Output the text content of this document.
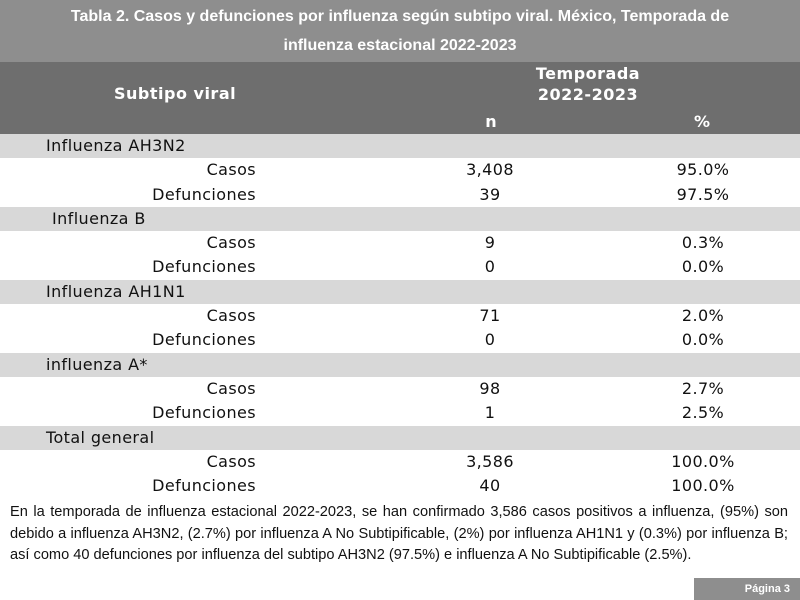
Tabla 2. Casos y defunciones por influenza según subtipo viral. México, Temporada de
influenza estacional 2022-2023
Subtipo viral
Temporada
2022-2023
n	%
Influenza AH3N2
Casos	3,408	95.0%
Defunciones	39	97.5%
Influenza B
Casos	9	0.3%
Defunciones	0	0.0%
Influenza AH1N1
Casos	71	2.0%
Defunciones	0	0.0%
influenza A*
Casos	98	2.7%
Defunciones	1	2.5%
Total general
Casos	3,586	100.0%
Defunciones	40	100.0%
En la temporada de influenza estacional 2022-2023, se han confirmado 3,586 casos positivos a influenza, (95%) son debido a influenza AH3N2, (2.7%) por influenza A No Subtipificable, (2%) por influenza AH1N1 y (0.3%) por influenza B; así como 40 defunciones por influenza del subtipo AH3N2 (97.5%) e influenza A No Subtipificable (2.5%).
Página 3
